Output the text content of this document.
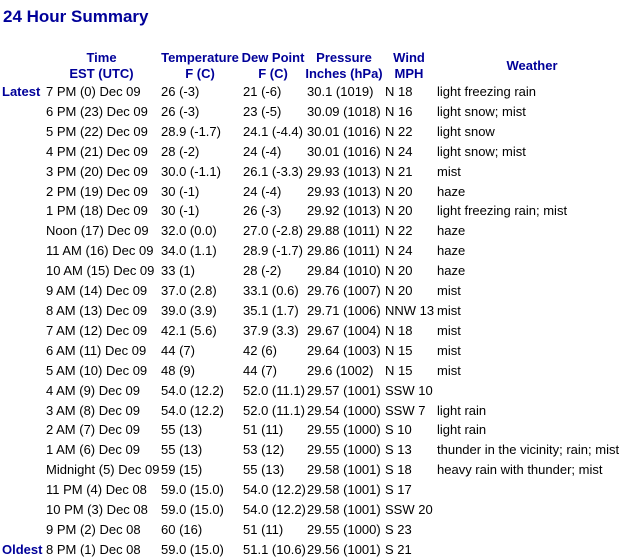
24 Hour Summary

Time
EST (UTC)

Temperature
F (C)

Dew Point
F (C)

Pressure
Inches (hPa)

Wind
MPH
	Weather
Latest	7 PM (0) Dec 09	26 (-3)	21 (-6)	30.1 (1019)	N 18	light freezing rain
	6 PM (23) Dec 09	26 (-3)	23 (-5)	30.09 (1018)	N 16	light snow; mist
	5 PM (22) Dec 09	28.9 (-1.7)	24.1 (-4.4)	30.01 (1016)	N 22	light snow
	4 PM (21) Dec 09	28 (-2)	24 (-4)	30.01 (1016)	N 24	light snow; mist
	3 PM (20) Dec 09	30.0 (-1.1)	26.1 (-3.3)	29.93 (1013)	N 21	mist
	2 PM (19) Dec 09	30 (-1)	24 (-4)	29.93 (1013)	N 20	haze
	1 PM (18) Dec 09	30 (-1)	26 (-3)	29.92 (1013)	N 20	light freezing rain; mist
	Noon (17) Dec 09	32.0 (0.0)	27.0 (-2.8)	29.88 (1011)	N 22	haze
	11 AM (16) Dec 09	34.0 (1.1)	28.9 (-1.7)	29.86 (1011)	N 24	haze
	10 AM (15) Dec 09	33 (1)	28 (-2)	29.84 (1010)	N 20	haze
	9 AM (14) Dec 09	37.0 (2.8)	33.1 (0.6)	29.76 (1007)	N 20	mist
	8 AM (13) Dec 09	39.0 (3.9)	35.1 (1.7)	29.71 (1006)	NNW 13	mist
	7 AM (12) Dec 09	42.1 (5.6)	37.9 (3.3)	29.67 (1004)	N 18	mist
	6 AM (11) Dec 09	44 (7)	42 (6)	29.64 (1003)	N 15	mist
	5 AM (10) Dec 09	48 (9)	44 (7)	29.6 (1002)	N 15	mist
	4 AM (9) Dec 09	54.0 (12.2)	52.0 (11.1)	29.57 (1001)	SSW 10	
	3 AM (8) Dec 09	54.0 (12.2)	52.0 (11.1)	29.54 (1000)	SSW 7	light rain
	2 AM (7) Dec 09	55 (13)	51 (11)	29.55 (1000)	S 10	light rain
	1 AM (6) Dec 09	55 (13)	53 (12)	29.55 (1000)	S 13	thunder in the vicinity; rain; mist
	Midnight (5) Dec 09	59 (15)	55 (13)	29.58 (1001)	S 18	heavy rain with thunder; mist
	11 PM (4) Dec 08	59.0 (15.0)	54.0 (12.2)	29.58 (1001)	S 17	
	10 PM (3) Dec 08	59.0 (15.0)	54.0 (12.2)	29.58 (1001)	SSW 20	
	9 PM (2) Dec 08	60 (16)	51 (11)	29.55 (1000)	S 23	
Oldest	8 PM (1) Dec 08	59.0 (15.0)	51.1 (10.6)	29.56 (1001)	S 21	
